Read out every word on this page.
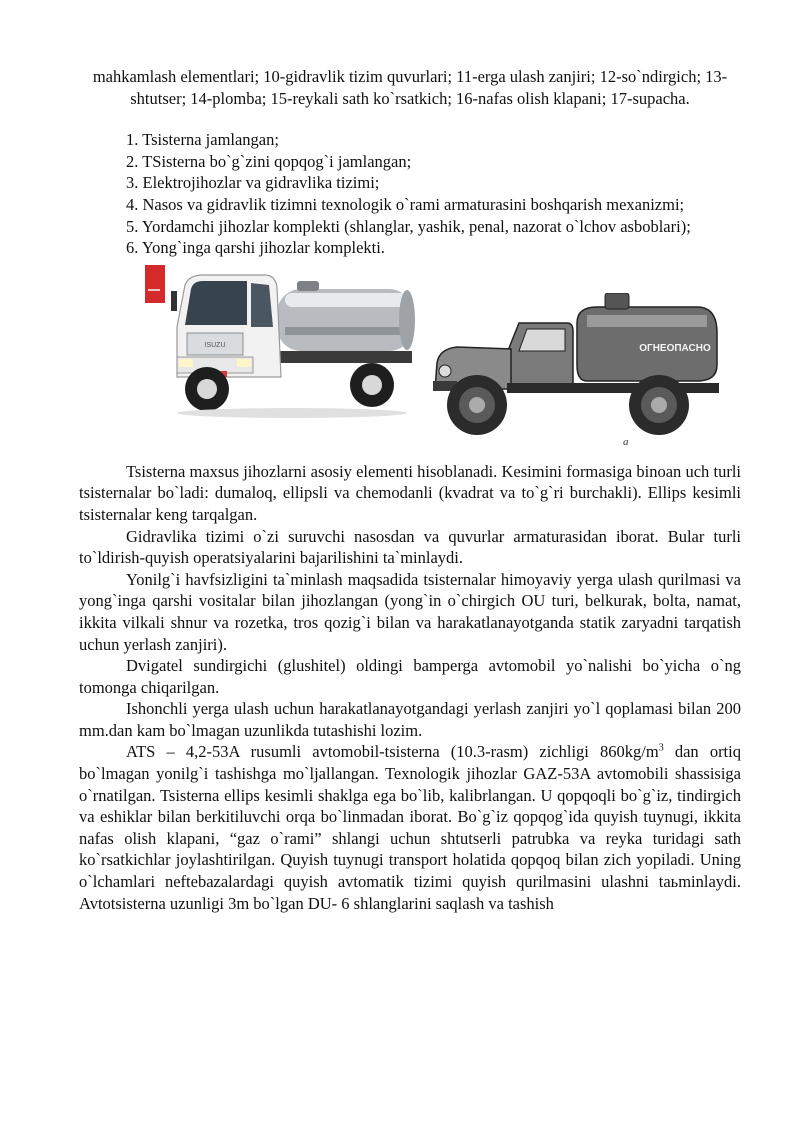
mahkamlash elementlari; 10-gidravlik tizim quvurlari; 11-erga ulash zanjiri; 12-so`ndirgich; 13-shtutser; 14-plomba; 15-reykali sath ko`rsatkich; 16-nafas olish klapani; 17-supacha.

1. Tsisterna jamlangan;
2. TSisterna bo`g`zini qopqog`i jamlangan;
3. Elektrojihozlar va gidravlika tizimi;
4. Nasos va gidravlik tizimni texnologik o`rami armaturasini boshqarish mexanizmi;
5. Yordamchi jihozlar komplekti (shlanglar, yashik, penal, nazorat o`lchov asboblari);
6. Yong`inga qarshi jihozlar komplekti.
ISUZU	ОГНЕОПАСНО
а

Tsisterna maxsus jihozlarni asosiy elementi hisoblanadi. Kesimini formasiga binoan uch turli tsisternalar bo`ladi: dumaloq, ellipsli va chemodanli (kvadrat va to`g`ri burchakli). Ellips kesimli tsisternalar keng tarqalgan.

Gidravlika tizimi o`zi suruvchi nasosdan va quvurlar armaturasidan iborat. Bular turli to`ldirish-quyish operatsiyalarini bajarilishini ta`minlaydi.

Yonilg`i havfsizligini ta`minlash maqsadida tsisternalar himoyaviy yerga ulash qurilmasi va yong`inga qarshi vositalar bilan jihozlangan (yong`in o`chirgich OU turi, belkurak, bolta, namat, ikkita vilkali shnur va rozetka, tros qozig`i bilan va harakatlanayotganda statik zaryadni tarqatish uchun yerlash zanjiri).

Dvigatel sundirgichi (glushitel) oldingi bamperga avtomobil yo`nalishi bo`yicha o`ng tomonga chiqarilgan.

Ishonchli yerga ulash uchun harakatlanayotgandagi yerlash zanjiri yo`l qoplamasi bilan 200 mm.dan kam bo`lmagan uzunlikda tutashishi lozim.

ATS – 4,2-53A rusumli avtomobil-tsisterna (10.3-rasm) zichligi $860kg/m^3$ dan ortiq bo`lmagan yonilg`i tashishga mo`ljallangan. Texnologik jihozlar GAZ-53A avtomobili shassisiga o`rnatilgan. Tsisterna ellips kesimli shaklga ega bo`lib, kalibrlangan. U qopqoqli bo`g`iz, tindirgich va eshiklar bilan berkitiluvchi orqa bo`linmadan iborat. Bo`g`iz qopqog`ida quyish tuynugi, ikkita nafas olish klapani, “gaz o`rami” shlangi uchun shtutserli patrubka va reyka turidagi sath ko`rsatkichlar joylashtirilgan. Quyish tuynugi transport holatida qopqoq bilan zich yopiladi. Uning o`lchamlari neftebazalardagi quyish avtomatik tizimi quyish qurilmasini ulashni taьminlaydi. Avtotsisterna uzunligi 3m bo`lgan DU- 6 shlanglarini saqlash va tashish
